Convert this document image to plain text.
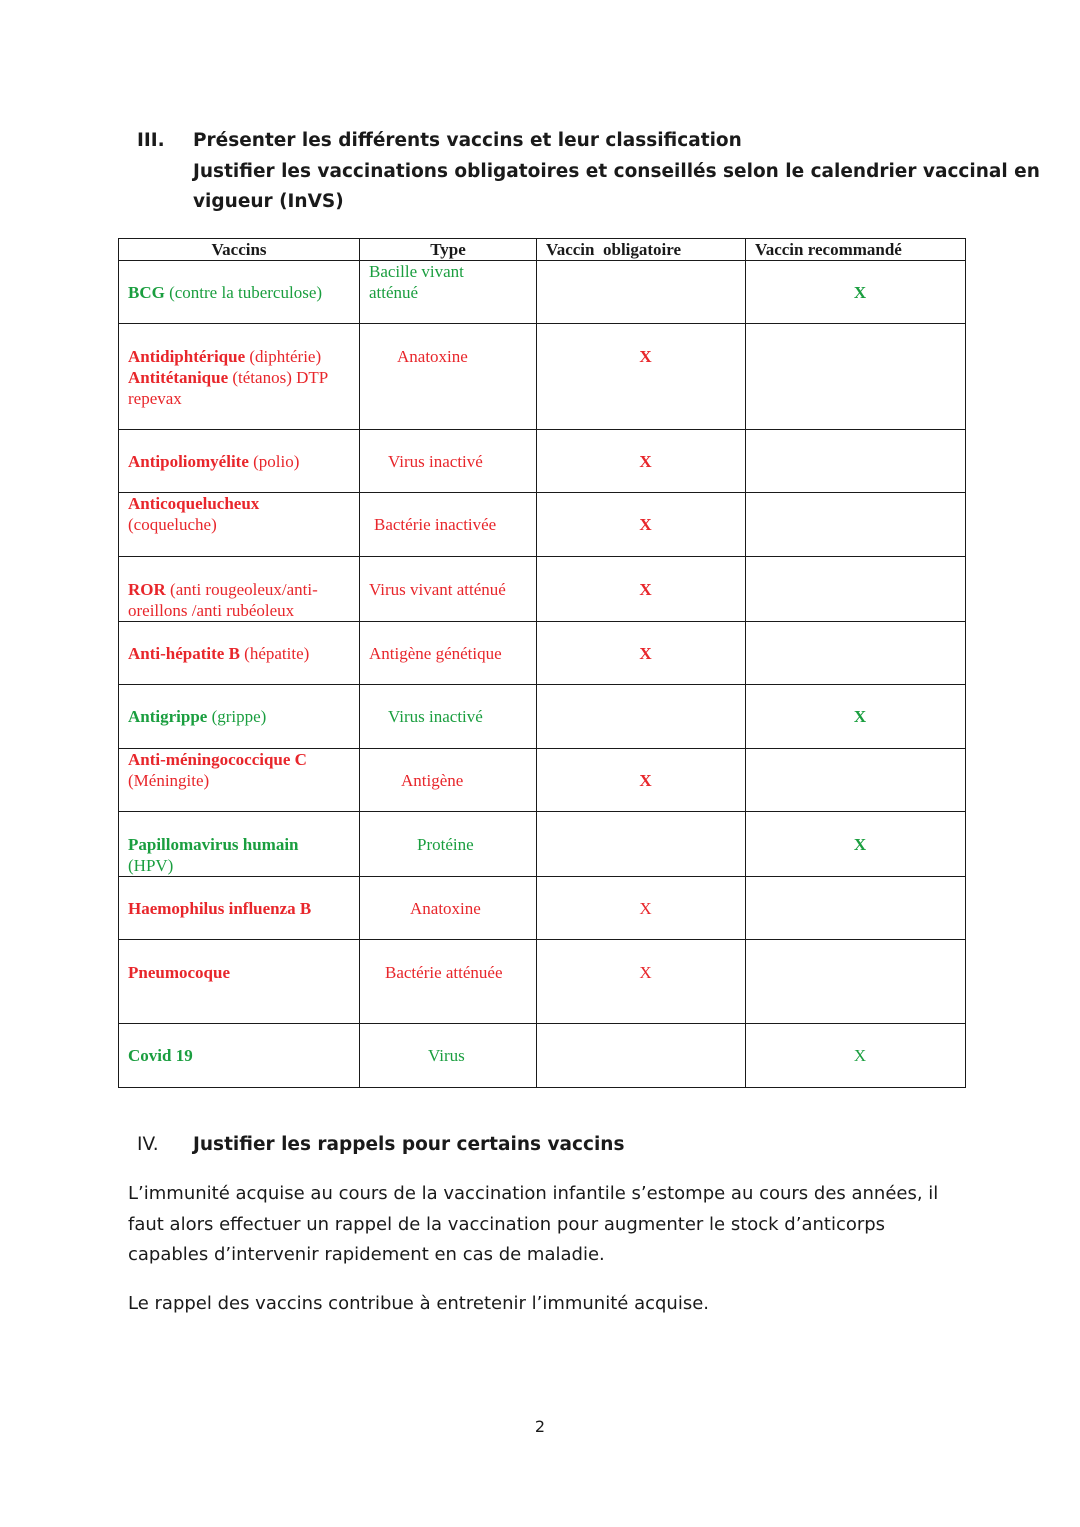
III. Présenter les différents vaccins et leur classification
Justifier les vaccinations obligatoires et conseillés selon le calendrier vaccinal en
vigueur (InVS)
Vaccins	Type	Vaccin  obligatoire	Vaccin recommandé
BCG (contre la tuberculose)	Bacille vivant atténué		X
Antidiphtérique (diphtérie)
Antitétanique (tétanos) DTP repevax	Anatoxine	X	
Antipoliomyélite (polio)	Virus inactivé	X	
Anticoquelucheux
(coqueluche)	Bactérie inactivée	X	
ROR (anti rougeoleux/anti-oreillons /anti rubéoleux	Virus vivant atténué	X	
Anti-hépatite B (hépatite)	Antigène génétique	X	
Antigrippe (grippe)	Virus inactivé		X
Anti-méningococcique C
(Méningite)	Antigène	X	
Papillomavirus humain
(HPV)	Protéine		X
Haemophilus influenza B	Anatoxine	X	
Pneumocoque	Bactérie atténuée	X	
Covid 19	Virus		X
IV. Justifier les rappels pour certains vaccins

L’immunité acquise au cours de la vaccination infantile s’estompe au cours des années, il faut alors effectuer un rappel de la vaccination pour augmenter le stock d’anticorps capables d’intervenir rapidement en cas de maladie.

Le rappel des vaccins contribue à entretenir l’immunité acquise.

2
